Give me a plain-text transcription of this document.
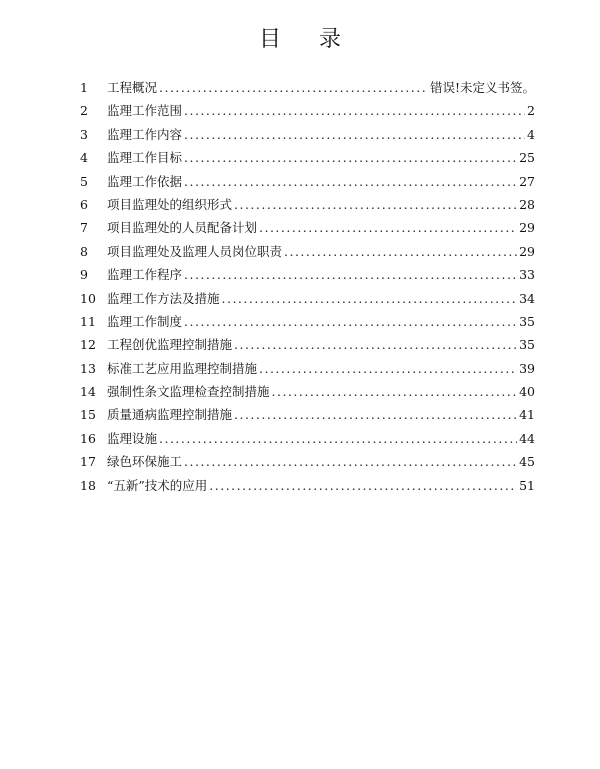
目录
1	工程概况 .....	错误!未定义书签。
2	监理工作范围 .....	2
3	监理工作内容 .....	4
4	监理工作目标 .....	25
5	监理工作依据 .....	27
6	项目监理处的组织形式 .....	28
7	项目监理处的人员配备计划 .....	29
8	项目监理处及监理人员岗位职责 .....	29
9	监理工作程序 .....	33
10 监理工作方法及措施 .....	34
11 监理工作制度 .....	35
12 工程创优监理控制措施 .....	35
13 标准工艺应用监理控制措施 .....	39
14 强制性条文监理检查控制措施 .....	40
15 质量通病监理控制措施 .....	41
16 监理设施 .....	44
17 绿色环保施工 .....	45
18 “五新”技术的应用 .....	51
